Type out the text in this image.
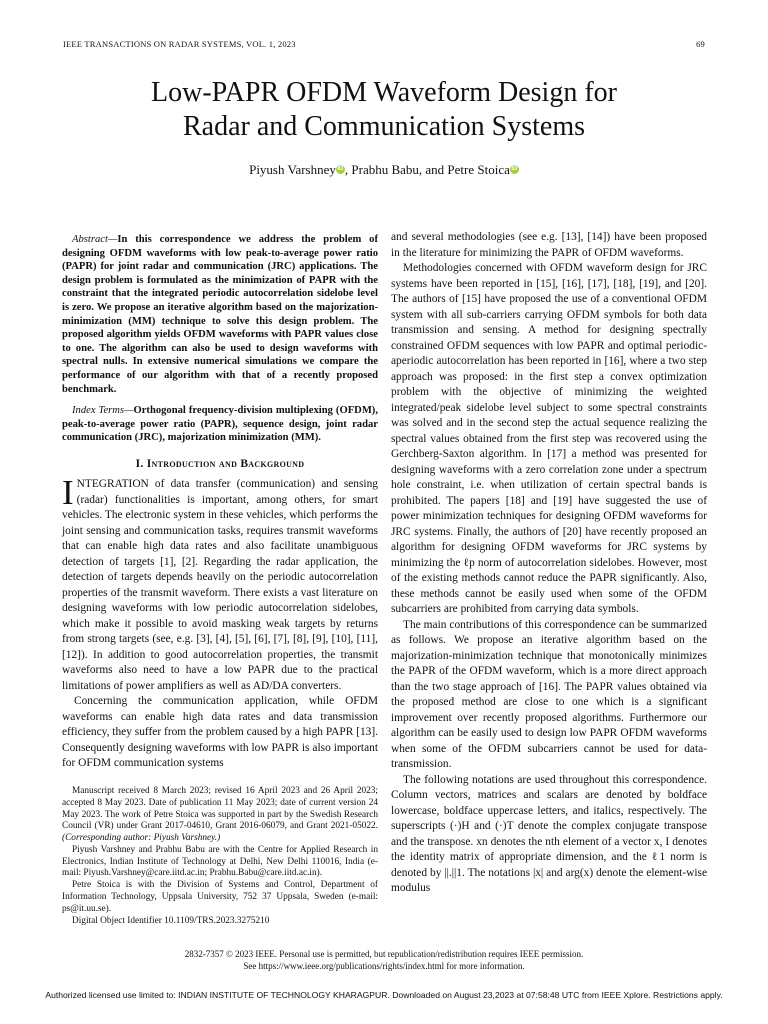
IEEE TRANSACTIONS ON RADAR SYSTEMS, VOL. 1, 2023	69
Low-PAPR OFDM Waveform Design for
Radar and Communication Systems
Piyush Varshney iD , Prabhu Babu, and Petre Stoica iD

Abstract—In this correspondence we address the problem of designing OFDM waveforms with low peak-to-average power ratio (PAPR) for joint radar and communication (JRC) applications. The design problem is formulated as the minimization of PAPR with the constraint that the integrated periodic autocorrelation sidelobe level is zero. We propose an iterative algorithm based on the majorization-minimization (MM) technique to solve this design problem. The proposed algorithm yields OFDM waveforms with PAPR values close to one. The algorithm can also be used to design waveforms with spectral nulls. In extensive numerical simulations we compare the performance of our algorithm with that of a recently proposed benchmark.

Index Terms—Orthogonal frequency-division multiplexing (OFDM), peak-to-average power ratio (PAPR), sequence design, joint radar communication (JRC), majorization minimization (MM).

I. Introduction and Background

INTEGRATION of data transfer (communication) and sensing (radar) functionalities is important, among others, for smart vehicles. The electronic system in these vehicles, which performs the joint sensing and communication tasks, requires transmit waveforms that can enable high data rates and also facilitate unambiguous detection of targets [1], [2]. Regarding the radar application, the detection of targets depends heavily on the periodic autocorrelation properties of the transmit waveform. There exists a vast literature on designing waveforms with low periodic autocorrelation sidelobes, which make it possible to avoid masking weak targets by returns from strong targets (see, e.g. [3], [4], [5], [6], [7], [8], [9], [10], [11], [12]). In addition to good autocorrelation properties, the transmit waveforms also need to have a low PAPR due to the practical limitations of power amplifiers as well as AD/DA converters.

Concerning the communication application, while OFDM waveforms can enable high data rates and data transmission efficiency, they suffer from the problem caused by a high PAPR [13]. Consequently designing waveforms with low PAPR is also important for OFDM communication systems

Manuscript received 8 March 2023; revised 16 April 2023 and 26 April 2023; accepted 8 May 2023. Date of publication 11 May 2023; date of current version 24 May 2023. The work of Petre Stoica was supported in part by the Swedish Research Council (VR) under Grant 2017-04610, Grant 2016-06079, and Grant 2021-05022. (Corresponding author: Piyush Varshney.)

Piyush Varshney and Prabhu Babu are with the Centre for Applied Research in Electronics, Indian Institute of Technology at Delhi, New Delhi 110016, India (e-mail: Piyush.Varshney@care.iitd.ac.in; Prabhu.Babu@care.iitd.ac.in).

Petre Stoica is with the Division of Systems and Control, Department of Information Technology, Uppsala University, 752 37 Uppsala, Sweden (e-mail: ps@it.uu.se).

Digital Object Identifier 10.1109/TRS.2023.3275210

and several methodologies (see e.g. [13], [14]) have been proposed in the literature for minimizing the PAPR of OFDM waveforms.

Methodologies concerned with OFDM waveform design for JRC systems have been reported in [15], [16], [17], [18], [19], and [20]. The authors of [15] have proposed the use of a conventional OFDM system with all sub-carriers carrying OFDM symbols for both data transmission and sensing. A method for designing spectrally constrained OFDM sequences with low PAPR and optimal periodic-aperiodic autocorrelation has been reported in [16], where a two step approach was proposed: in the first step a convex optimization problem with the objective of minimizing the weighted integrated/peak sidelobe level subject to some spectral constraints was solved and in the second step the actual sequence realizing the spectral values obtained from the first step was recovered using the Gerchberg-Saxton algorithm. In [17] a method was presented for designing waveforms with a zero correlation zone under a spectrum hole constraint, i.e. when utilization of certain spectral bands is prohibited. The papers [18] and [19] have suggested the use of power minimization techniques for designing OFDM waveforms for JRC systems. Finally, the authors of [20] have recently proposed an algorithm for designing OFDM waveforms for JRC systems by minimizing the ℓp norm of autocorrelation sidelobes. However, most of the existing methods cannot reduce the PAPR significantly. Also, these methods cannot be easily used when some of the OFDM subcarriers are prohibited from carrying data symbols.

The main contributions of this correspondence can be summarized as follows. We propose an iterative algorithm based on the majorization-minimization technique that monotonically minimizes the PAPR of the OFDM waveform, which is a more direct approach than the two stage approach of [16]. The PAPR values obtained via the proposed method are close to one which is a significant improvement over recently proposed algorithms. Furthermore our algorithm can be easily used to design low PAPR OFDM waveforms when some of the OFDM subcarriers cannot be used for data-transmission.

The following notations are used throughout this correspondence. Column vectors, matrices and scalars are denoted by boldface lowercase, boldface uppercase letters, and italics, respectively. The superscripts (·)H and (·)T denote the complex conjugate transpose and the transpose. xn denotes the nth element of a vector x, I denotes the identity matrix of appropriate dimension, and the ℓ1 norm is denoted by ||.||1. The notations |x| and arg(x) denote the element-wise modulus

2832-7357 © 2023 IEEE. Personal use is permitted, but republication/redistribution requires IEEE permission.
See https://www.ieee.org/publications/rights/index.html for more information.
Authorized licensed use limited to: INDIAN INSTITUTE OF TECHNOLOGY KHARAGPUR. Downloaded on August 23,2023 at 07:58:48 UTC from IEEE Xplore. Restrictions apply.
